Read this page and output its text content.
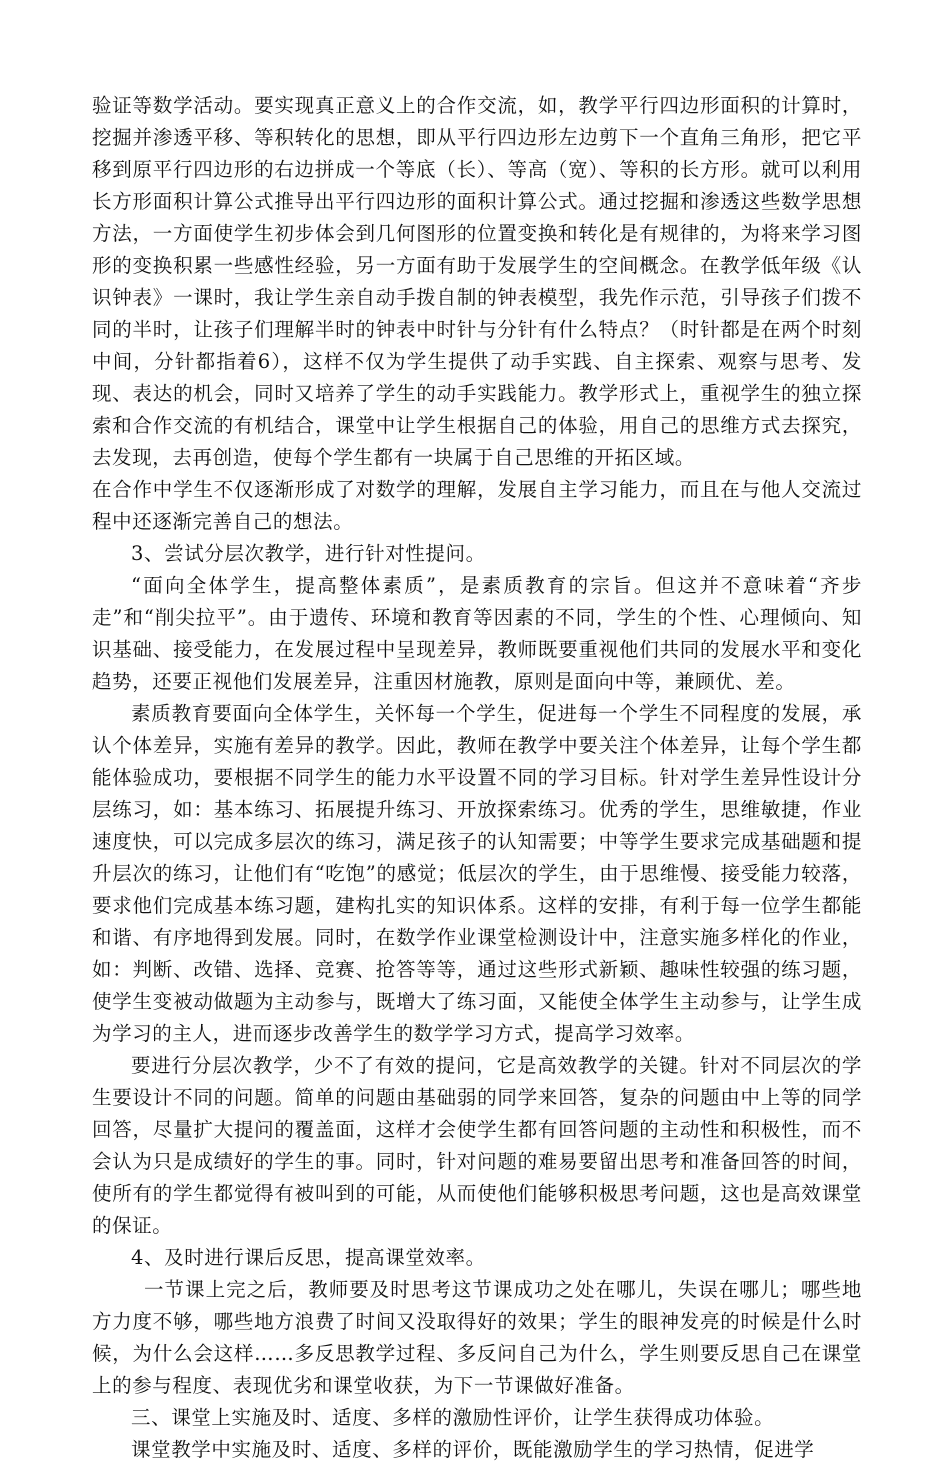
验证等数学活动。要实现真正意义上的合作交流，如，教学平行四边形面积的计算时，挖掘并渗透平移、等积转化的思想，即从平行四边形左边剪下一个直角三角形，把它平移到原平行四边形的右边拼成一个等底（长）、等高（宽）、等积的长方形。就可以利用长方形面积计算公式推导出平行四边形的面积计算公式。通过挖掘和渗透这些数学思想方法，一方面使学生初步体会到几何图形的位置变换和转化是有规律的，为将来学习图形的变换积累一些感性经验，另一方面有助于发展学生的空间概念。在教学低年级《认识钟表》一课时，我让学生亲自动手拨自制的钟表模型，我先作示范，引导孩子们拨不同的半时，让孩子们理解半时的钟表中时针与分针有什么特点？（时针都是在两个时刻中间，分针都指着6），这样不仅为学生提供了动手实践、自主探索、观察与思考、发现、表达的机会，同时又培养了学生的动手实践能力。教学形式上，重视学生的独立探索和合作交流的有机结合，课堂中让学生根据自己的体验，用自己的思维方式去探究，去发现，去再创造，使每个学生都有一块属于自己思维的开拓区域。

在合作中学生不仅逐渐形成了对数学的理解，发展自主学习能力，而且在与他人交流过程中还逐渐完善自己的想法。

3、尝试分层次教学，进行针对性提问。

“面向全体学生，提高整体素质”，是素质教育的宗旨。但这并不意味着“齐步走”和“削尖拉平”。由于遗传、环境和教育等因素的不同，学生的个性、心理倾向、知识基础、接受能力，在发展过程中呈现差异，教师既要重视他们共同的发展水平和变化趋势，还要正视他们发展差异，注重因材施教，原则是面向中等，兼顾优、差。

素质教育要面向全体学生，关怀每一个学生，促进每一个学生不同程度的发展，承认个体差异，实施有差异的教学。因此，教师在教学中要关注个体差异，让每个学生都能体验成功，要根据不同学生的能力水平设置不同的学习目标。针对学生差异性设计分层练习，如：基本练习、拓展提升练习、开放探索练习。优秀的学生，思维敏捷，作业速度快，可以完成多层次的练习，满足孩子的认知需要；中等学生要求完成基础题和提升层次的练习，让他们有“吃饱”的感觉；低层次的学生，由于思维慢、接受能力较落，要求他们完成基本练习题，建构扎实的知识体系。这样的安排，有利于每一位学生都能和谐、有序地得到发展。同时，在数学作业课堂检测设计中，注意实施多样化的作业，如：判断、改错、选择、竞赛、抢答等等，通过这些形式新颖、趣味性较强的练习题，使学生变被动做题为主动参与，既增大了练习面，又能使全体学生主动参与，让学生成为学习的主人，进而逐步改善学生的数学学习方式，提高学习效率。

要进行分层次教学，少不了有效的提问，它是高效教学的关键。针对不同层次的学生要设计不同的问题。简单的问题由基础弱的同学来回答，复杂的问题由中上等的同学回答，尽量扩大提问的覆盖面，这样才会使学生都有回答问题的主动性和积极性，而不会认为只是成绩好的学生的事。同时，针对问题的难易要留出思考和准备回答的时间，使所有的学生都觉得有被叫到的可能，从而使他们能够积极思考问题，这也是高效课堂的保证。

4、及时进行课后反思，提高课堂效率。

一节课上完之后，教师要及时思考这节课成功之处在哪儿，失误在哪儿；哪些地方力度不够，哪些地方浪费了时间又没取得好的效果；学生的眼神发亮的时候是什么时候，为什么会这样……多反思教学过程、多反问自己为什么，学生则要反思自己在课堂上的参与程度、表现优劣和课堂收获，为下一节课做好准备。

三、课堂上实施及时、适度、多样的激励性评价，让学生获得成功体验。

课堂教学中实施及时、适度、多样的评价，既能激励学生的学习热情，促进学
